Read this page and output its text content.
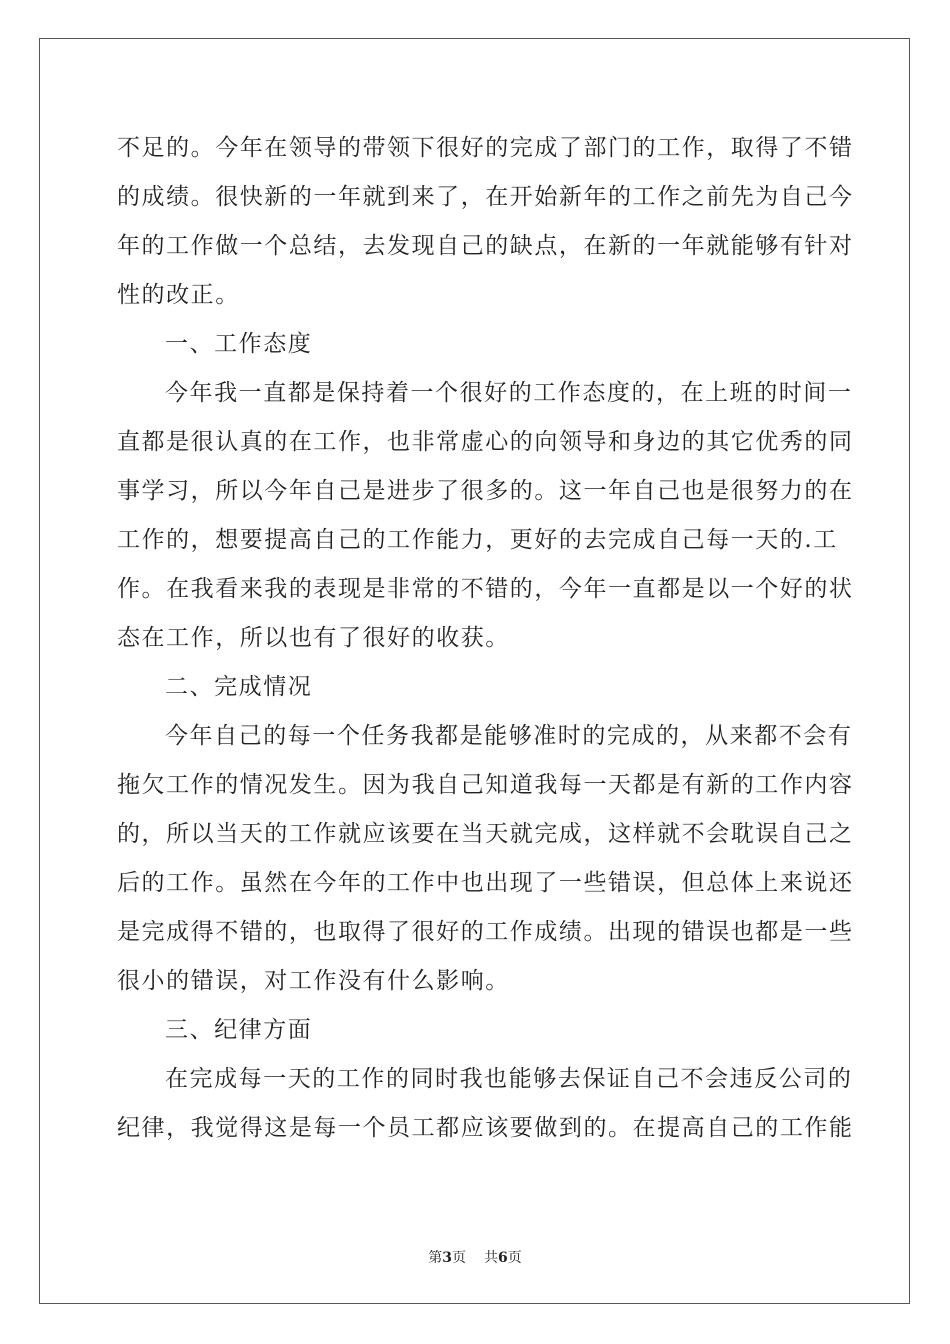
不足的。今年在领导的带领下很好的完成了部门的工作，取得了不错
的成绩。很快新的一年就到来了，在开始新年的工作之前先为自己今
年的工作做一个总结，去发现自己的缺点，在新的一年就能够有针对
性的改正。
一、工作态度
今年我一直都是保持着一个很好的工作态度的，在上班的时间一
直都是很认真的在工作，也非常虚心的向领导和身边的其它优秀的同
事学习，所以今年自己是进步了很多的。这一年自己也是很努力的在
工作的，想要提高自己的工作能力，更好的去完成自己每一天的.工
作。在我看来我的表现是非常的不错的，今年一直都是以一个好的状
态在工作，所以也有了很好的收获。
二、完成情况
今年自己的每一个任务我都是能够准时的完成的，从来都不会有
拖欠工作的情况发生。因为我自己知道我每一天都是有新的工作内容
的，所以当天的工作就应该要在当天就完成，这样就不会耽误自己之
后的工作。虽然在今年的工作中也出现了一些错误，但总体上来说还
是完成得不错的，也取得了很好的工作成绩。出现的错误也都是一些
很小的错误，对工作没有什么影响。
三、纪律方面
在完成每一天的工作的同时我也能够去保证自己不会违反公司的
纪律，我觉得这是每一个员工都应该要做到的。在提高自己的工作能
第3页 共6页
